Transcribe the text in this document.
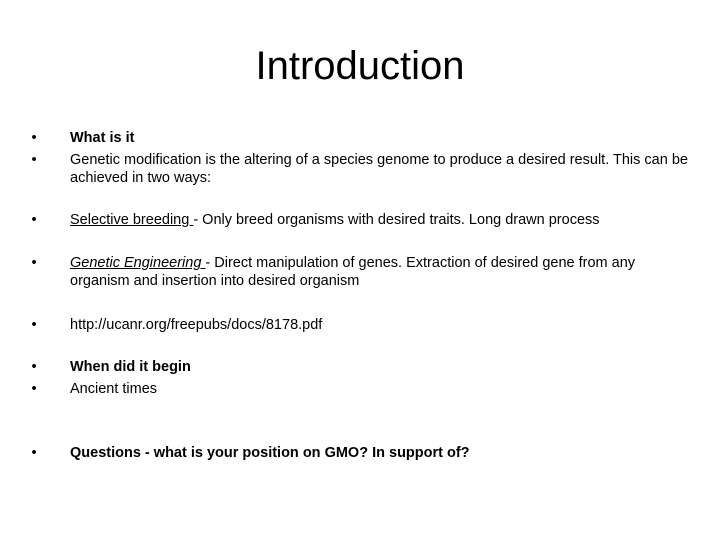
Introduction
• What is it
• Genetic modification is the altering of a species genome to produce a desired result. This can be achieved in two ways:
• Selective breeding - Only breed organisms with desired traits. Long drawn process
• Genetic Engineering - Direct manipulation of genes. Extraction of desired gene from any organism and insertion into desired organism
• http://ucanr.org/freepubs/docs/8178.pdf
• When did it begin
• Ancient times
• Questions - what is your position on GMO? In support of?
